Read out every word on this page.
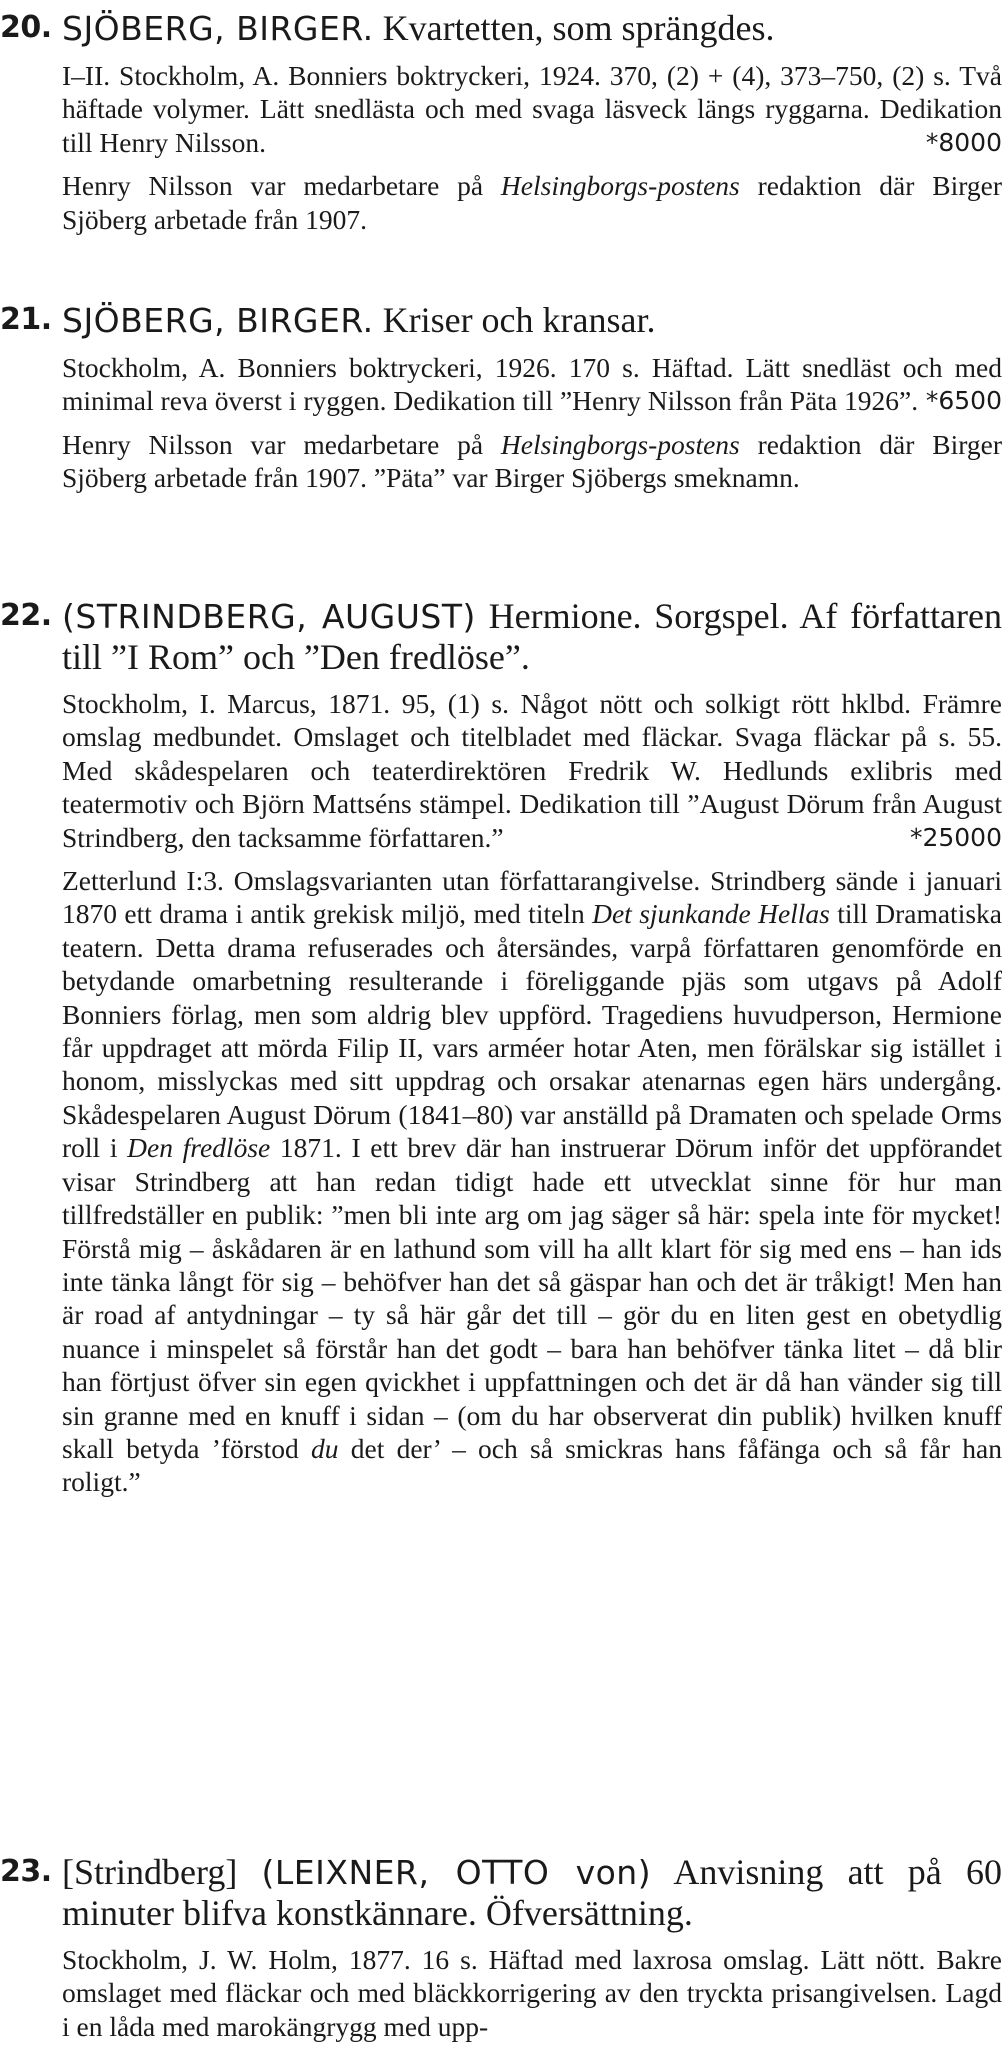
20. SJÖBERG, BIRGER. Kvartetten, som sprängdes.

I–II. Stockholm, A. Bonniers boktryckeri, 1924. 370, (2) + (4), 373–750, (2) s. Två häftade volymer. Lätt snedlästa och med svaga läsveck längs ryggarna. Dedikation till Henry Nilsson.	*8000

Henry Nilsson var medarbetare på Helsingborgs-postens redaktion där Birger Sjöberg arbetade från 1907.

21. SJÖBERG, BIRGER. Kriser och kransar.

Stockholm, A. Bonniers boktryckeri, 1926. 170 s. Häftad. Lätt snedläst och med minimal reva överst i ryggen. Dedikation till ”Henry Nilsson från Päta 1926”. *6500

Henry Nilsson var medarbetare på Helsingborgs-postens redaktion där Birger Sjöberg arbetade från 1907. ”Päta” var Birger Sjöbergs smeknamn.

22. (STRINDBERG, AUGUST) Hermione. Sorgspel. Af författaren till ”I Rom” och ”Den fredlöse”.

Stockholm, I. Marcus, 1871. 95, (1) s. Något nött och solkigt rött hklbd. Främre omslag medbundet. Omslaget och titelbladet med fläckar. Svaga fläckar på s. 55. Med skådespelaren och teaterdirektören Fredrik W. Hedlunds exlibris med teatermotiv och Björn Mattséns stämpel. Dedikation till ”August Dörum från August Strindberg, den tacksamme författaren.”	*25000

Zetterlund I:3. Omslagsvarianten utan författarangivelse. Strindberg sände i januari 1870 ett drama i antik grekisk miljö, med titeln Det sjunkande Hellas till Dramatiska teatern. Detta drama refuserades och återsändes, varpå författaren genomförde en betydande omarbetning resulterande i föreliggande pjäs som utgavs på Adolf Bonniers förlag, men som aldrig blev uppförd. Tragediens huvudperson, Hermione får uppdraget att mörda Filip II, vars arméer hotar Aten, men förälskar sig istället i honom, misslyckas med sitt uppdrag och orsakar atenarnas egen härs undergång. Skådespelaren August Dörum (1841–80) var anställd på Dramaten och spelade Orms roll i Den fredlöse 1871. I ett brev där han instruerar Dörum inför det uppförandet visar Strindberg att han redan tidigt hade ett utvecklat sinne för hur man tillfredställer en publik: ”men bli inte arg om jag säger så här: spela inte för mycket! Förstå mig – åskådaren är en lathund som vill ha allt klart för sig med ens – han ids inte tänka långt för sig – behöfver han det så gäspar han och det är tråkigt! Men han är road af antydningar – ty så här går det till – gör du en liten gest en obetydlig nuance i minspelet så förstår han det godt – bara han behöfver tänka litet – då blir han förtjust öfver sin egen qvickhet i uppfattningen och det är då han vänder sig till sin granne med en knuff i sidan – (om du har observerat din publik) hvilken knuff skall betyda ’förstod du det der’ – och så smickras hans fåfänga och så får han roligt.”

23. [Strindberg] (LEIXNER, OTTO von) Anvisning att på 60 minuter blifva konstkännare. Öfversättning.

Stockholm, J. W. Holm, 1877. 16 s. Häftad med laxrosa omslag. Lätt nött. Bakre omslaget med fläckar och med bläckkorrigering av den tryckta prisangivelsen. Lagd i en låda med marokängrygg med upp-
